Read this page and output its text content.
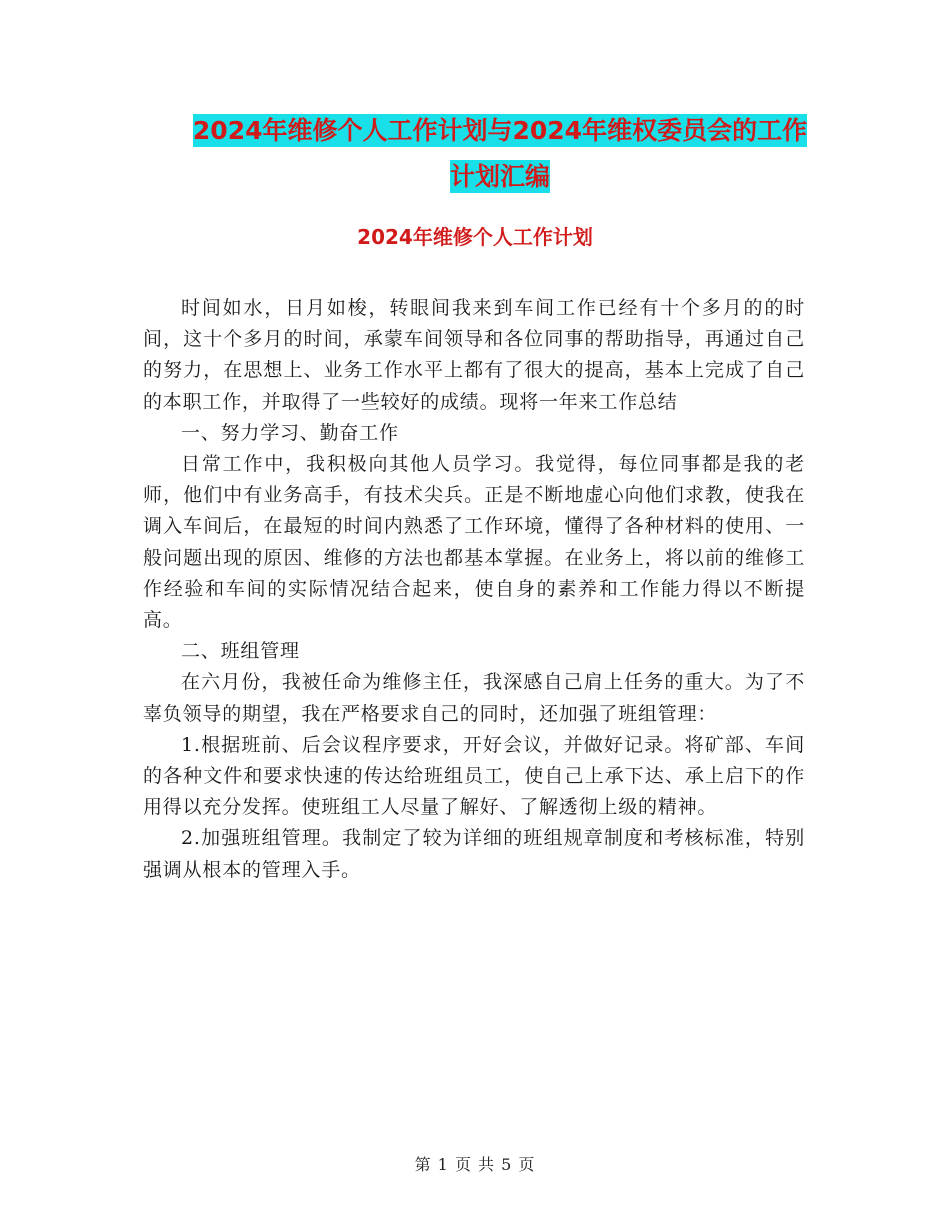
2024年维修个人工作计划与2024年维权委员会的工作
计划汇编
2024年维修个人工作计划

时间如水，日月如梭，转眼间我来到车间工作已经有十个多月的的时间，这十个多月的时间，承蒙车间领导和各位同事的帮助指导，再通过自己的努力，在思想上、业务工作水平上都有了很大的提高，基本上完成了自己的本职工作，并取得了一些较好的成绩。现将一年来工作总结

一、努力学习、勤奋工作

日常工作中，我积极向其他人员学习。我觉得，每位同事都是我的老师，他们中有业务高手，有技术尖兵。正是不断地虚心向他们求教，使我在调入车间后，在最短的时间内熟悉了工作环境，懂得了各种材料的使用、一般问题出现的原因、维修的方法也都基本掌握。在业务上，将以前的维修工作经验和车间的实际情况结合起来，使自身的素养和工作能力得以不断提高。

二、班组管理

在六月份，我被任命为维修主任，我深感自己肩上任务的重大。为了不辜负领导的期望，我在严格要求自己的同时，还加强了班组管理：

1.根据班前、后会议程序要求，开好会议，并做好记录。将矿部、车间的各种文件和要求快速的传达给班组员工，使自己上承下达、承上启下的作用得以充分发挥。使班组工人尽量了解好、了解透彻上级的精神。

2.加强班组管理。我制定了较为详细的班组规章制度和考核标准，特别强调从根本的管理入手。

第 1 页 共 5 页
